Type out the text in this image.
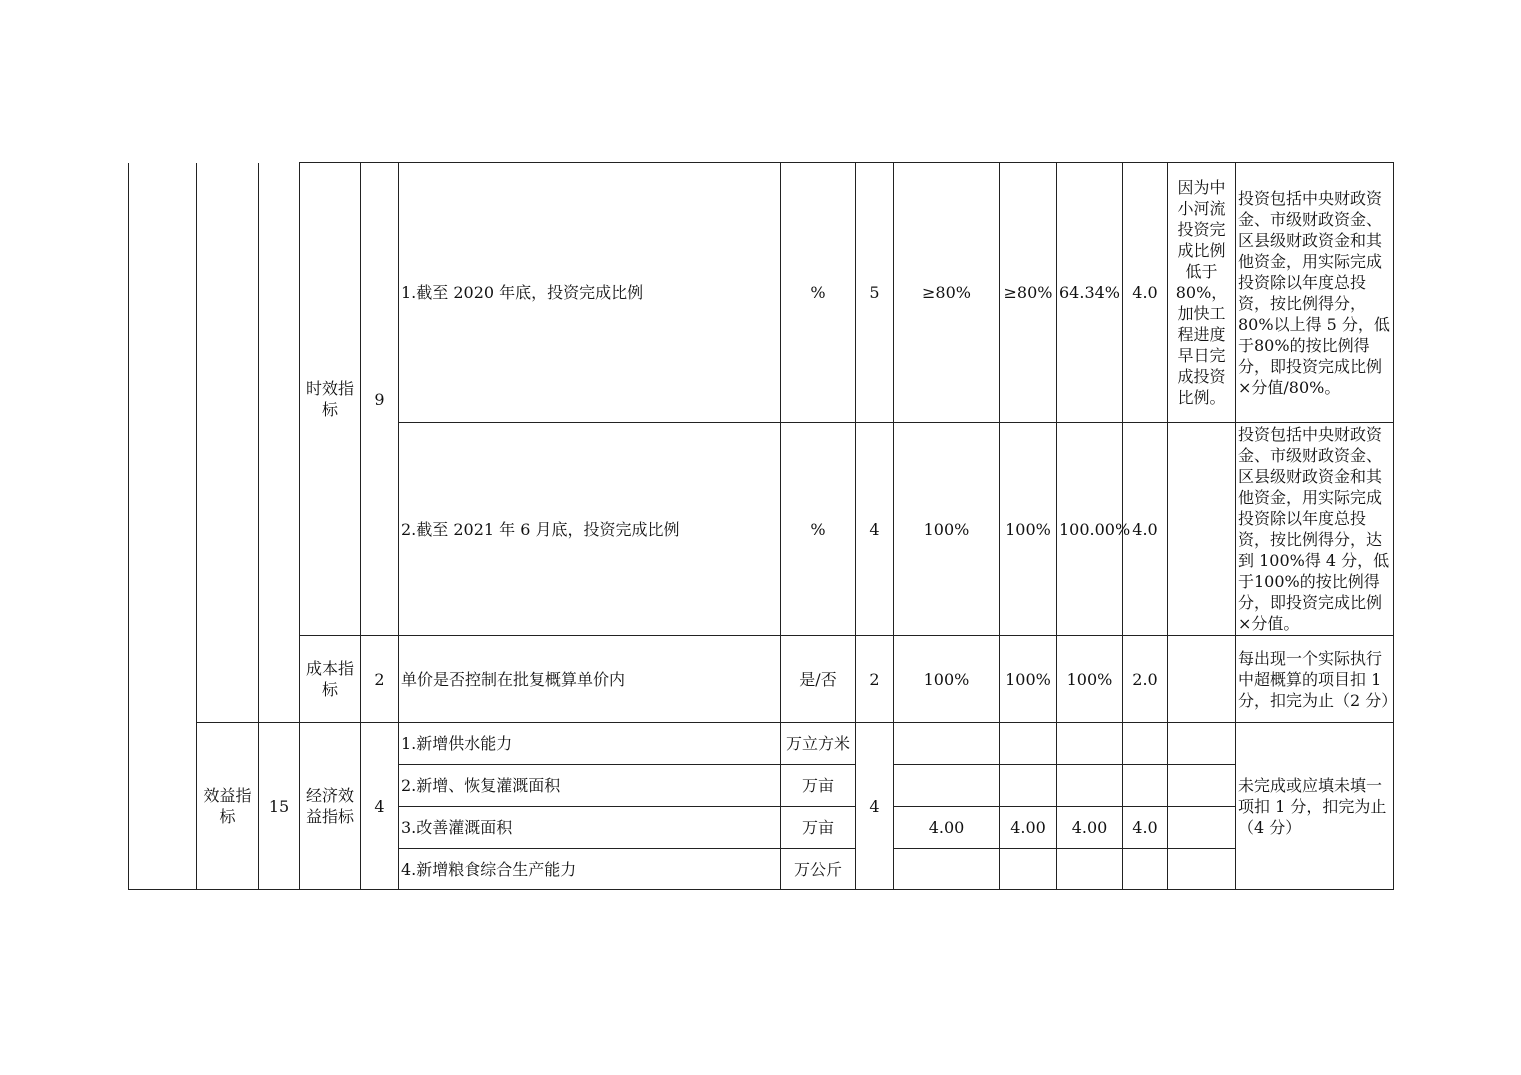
			时效指标	9	1.截至 2020 年底，投资完成比例	%	5	≥80%	≥80%	64.34%	4.0	因为中小河流投资完成比例低于80%，加快工程进度早日完成投资比例。	投资包括中央财政资金、市级财政资金、区县级财政资金和其他资金，用实际完成投资除以年度总投资，按比例得分，80%以上得 5 分，低于80%的按比例得分，即投资完成比例×分值/80%。
					2.截至 2021 年 6 月底，投资完成比例	%	4	100%	100%	100.00%	4.0		投资包括中央财政资金、市级财政资金、区县级财政资金和其他资金，用实际完成投资除以年度总投资，按比例得分，达到 100%得 4 分，低于100%的按比例得分，即投资完成比例×分值。
			成本指标	2	单价是否控制在批复概算单价内	是/否	2	100%	100%	100%	2.0		每出现一个实际执行中超概算的项目扣 1 分，扣完为止（2 分）
	效益指标	15	经济效益指标	4	1.新增供水能力	万立方米	4						未完成或应填未填一项扣 1 分，扣完为止（4 分）
					2.新增、恢复灌溉面积	万亩							
					3.改善灌溉面积	万亩		4.00	4.00	4.00	4.0		
					4.新增粮食综合生产能力	万公斤							
